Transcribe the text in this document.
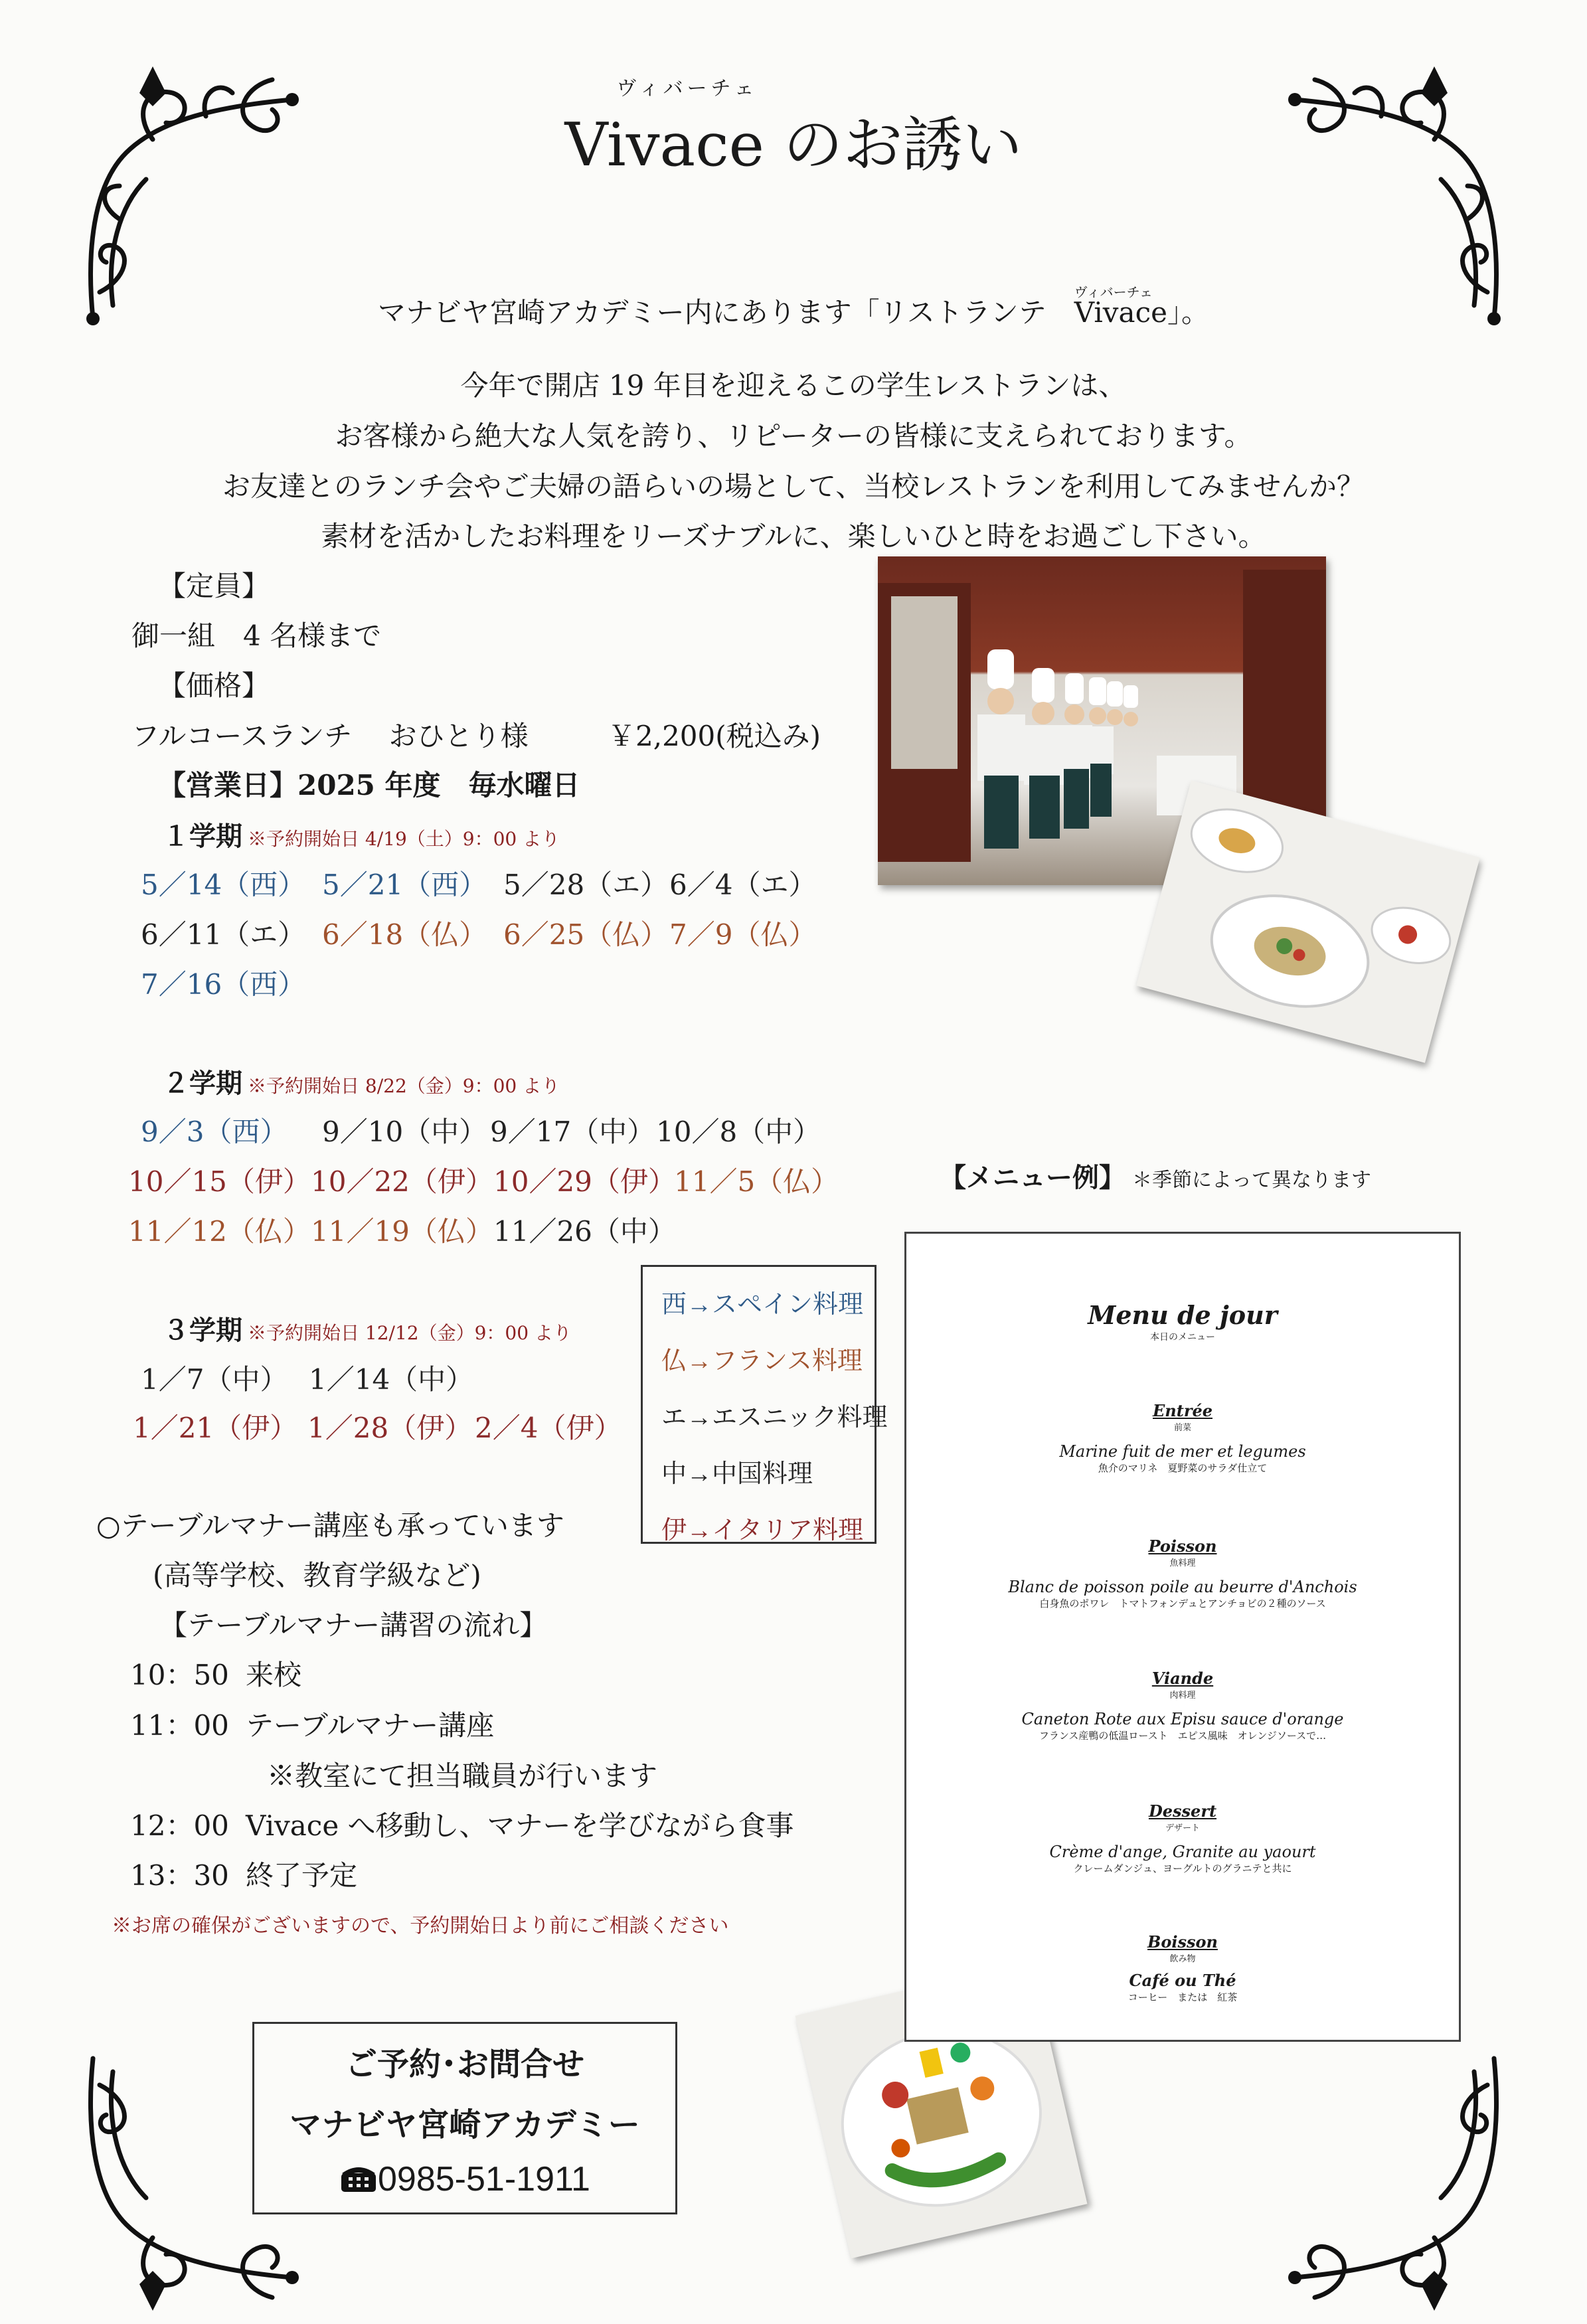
ヴィバーチェ
Vivace のお誘い
マナビヤ宮崎アカデミー内にあります「リストランテ　
ヴィバーチェ
Vivace」。
今年で開店 19 年目を迎えるこの学生レストランは、
お客様から絶大な人気を誇り、リピーターの皆様に支えられております。
お友達とのランチ会やご夫婦の語らいの場として、当校レストランを利用してみませんか？
素材を活かしたお料理をリーズナブルに、楽しいひと時をお過ごし下さい。
【定員】
御一組　4 名様まで
【価格】
フルコースランチ　 おひとり様	￥2,200(税込み)
【営業日】2025 年度　毎水曜日
１学期 ※予約開始日 4/19（土）9：00 より
5／14（西） 5／21（西） 5／28（エ） 6／4（エ）
6／11（エ） 6／18（仏） 6／25（仏） 7／9（仏）
7／16（西）
２学期 ※予約開始日 8/22（金）9：00 より
9／3（西） 9／10（中） 9／17（中） 10／8（中）
10／15（伊） 10／22（伊） 10／29（伊）
11／5（仏）
11／12（仏） 11／19（仏） 11／26（中）
３学期 ※予約開始日 12/12（金）9：00 より
1／7（中） 1／14（中）
1／21（伊） 1／28（伊） 2／4（伊）
西→スペイン料理
仏→フランス料理
エ→エスニック料理
中→中国料理
伊→イタリア料理
○テーブルマナー講座も承っています
(高等学校、教育学級など)
【テーブルマナー講習の流れ】
10：50 来校
11：00 テーブルマナー講座
※教室にて担当職員が行います
12：00 Vivace へ移動し、マナーを学びながら食事
13：30 終了予定
※お席の確保がございますので、予約開始日より前にご相談ください
【メニュー例】 ＊季節によって異なります
Menu de jour
本日のメニュー
Entrée
前菜
Marine fuit de mer et legumes
魚介のマリネ　夏野菜のサラダ仕立て
Poisson
魚料理
Blanc de poisson poile au beurre d'Anchois
白身魚のポワレ　トマトフォンデュとアンチョビの２種のソース
Viande
肉料理
Caneton Rote aux Episu sauce d'orange
フランス産鴨の低温ロースト　エピス風味　オレンジソースで…
Dessert
デザート
Crème d'ange, Granite au yaourt
クレームダンジュ、ヨーグルトのグラニテと共に
Boisson
飲み物
Café ou Thé
コーヒー　または　紅茶
ご予約･お問合せ
マナビヤ宮崎アカデミー
0985-51-1911
